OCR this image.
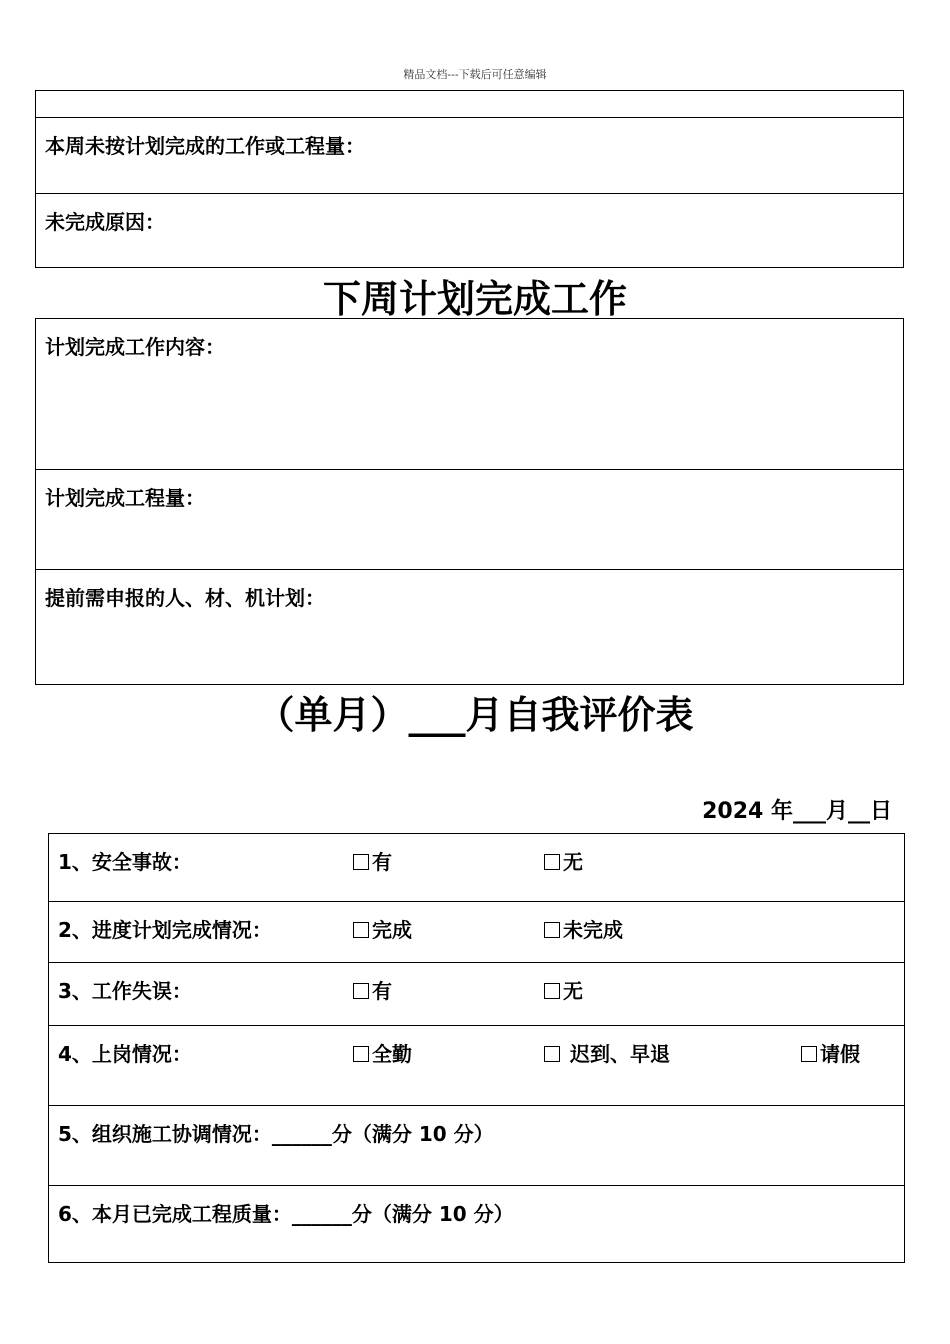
精品文档---下载后可任意编辑
本周未按计划完成的工作或工程量：
未完成原因：
下周计划完成工作
计划完成工作内容：
计划完成工程量：
提前需申报的人、材、机计划：
（单月）___月自我评价表
2024 年___月__日
1、安全事故：	有	无
2、进度计划完成情况：	完成	未完成
3、工作失误：	有	无
4、上岗情况：	全勤	迟到、早退	请假
5、组织施工协调情况：______分（满分 10 分）
6、本月已完成工程质量：______分（满分 10 分）
